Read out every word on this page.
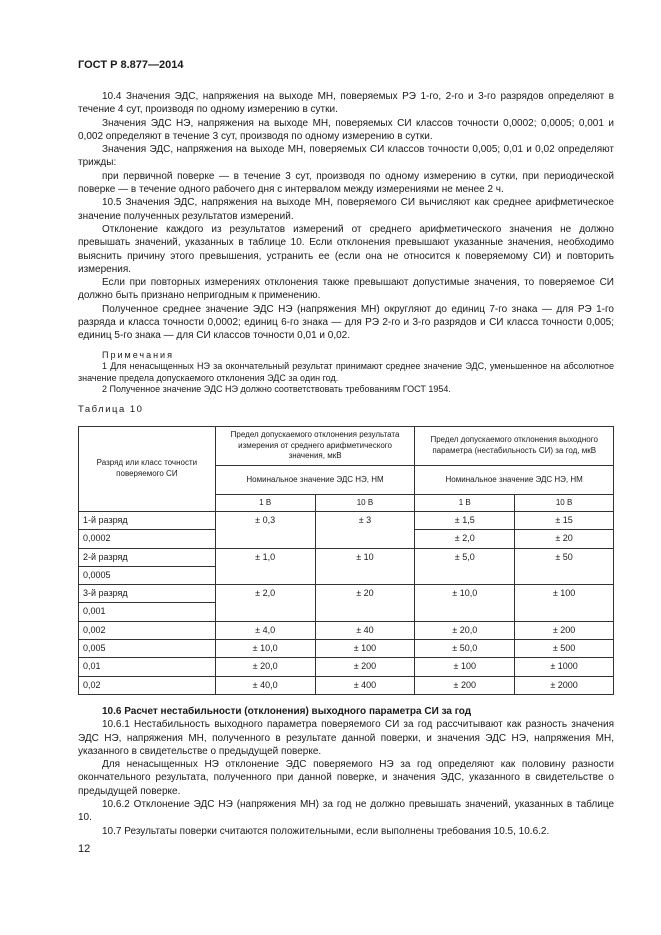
ГОСТ Р 8.877—2014

10.4 Значения ЭДС, напряжения на выходе МН, поверяемых РЭ 1-го, 2-го и 3-го разрядов определяют в течение 4 сут, производя по одному измерению в сутки.

Значения ЭДС НЭ, напряжения на выходе МН, поверяемых СИ классов точности 0,0002; 0,0005; 0,001 и 0,002 определяют в течение 3 сут, производя по одному измерению в сутки.

Значения ЭДС, напряжения на выходе МН, поверяемых СИ классов точности 0,005; 0,01 и 0,02 определяют трижды:

при первичной поверке — в течение 3 сут, производя по одному измерению в сутки, при периодической поверке — в течение одного рабочего дня с интервалом между измерениями не менее 2 ч.

10.5 Значения ЭДС, напряжения на выходе МН, поверяемого СИ вычисляют как среднее арифметическое значение полученных результатов измерений.

Отклонение каждого из результатов измерений от среднего арифметического значения не должно превышать значений, указанных в таблице 10. Если отклонения превышают указанные значения, необходимо выяснить причину этого превышения, устранить ее (если она не относится к поверяемому СИ) и повторить измерения.

Если при повторных измерениях отклонения также превышают допустимые значения, то поверяемое СИ должно быть признано непригодным к применению.

Полученное среднее значение ЭДС НЭ (напряжения МН) округляют до единиц 7-го знака — для РЭ 1-го разряда и класса точности 0,0002; единиц 6-го знака — для РЭ 2-го и 3-го разрядов и СИ класса точности 0,005; единиц 5-го знака — для СИ классов точности 0,01 и 0,02.

Примечания

1 Для ненасыщенных НЭ за окончательный результат принимают среднее значение ЭДС, уменьшенное на абсолютное значение предела допускаемого отклонения ЭДС за один год.

2 Полученное значение ЭДС НЭ должно соответствовать требованиям ГОСТ 1954.

Таблица 10

Разряд или класс точности поверяемого СИ	Предел допускаемого отклонения результата измерения от среднего арифметического значения, мкВ		Предел допускаемого отклонения выходного параметра (нестабильность СИ) за год, мкВ	
	Номинальное значение ЭДС НЭ, НМ		Номинальное значение ЭДС НЭ, НМ	
	1 В	10 В	1 В	10 В
1-й разряд	± 0,3	± 3	± 1,5	± 15
0,0002			± 2,0	± 20
2-й разряд	± 1,0	± 10	± 5,0	± 50
0,0005				
3-й разряд	± 2,0	± 20	± 10,0	± 100
0,001				
0,002	± 4,0	± 40	± 20,0	± 200
0,005	± 10,0	± 100	± 50,0	± 500
0,01	± 20,0	± 200	± 100	± 1000
0,02	± 40,0	± 400	± 200	± 2000

10.6 Расчет нестабильности (отклонения) выходного параметра СИ за год

10.6.1 Нестабильность выходного параметра поверяемого СИ за год рассчитывают как разность значения ЭДС НЭ, напряжения МН, полученного в результате данной поверки, и значения ЭДС НЭ, напряжения МН, указанного в свидетельстве о предыдущей поверке.

Для ненасыщенных НЭ отклонение ЭДС поверяемого НЭ за год определяют как половину разности окончательного результата, полученного при данной поверке, и значения ЭДС, указанного в свидетельстве о предыдущей поверке.

10.6.2 Отклонение ЭДС НЭ (напряжения МН) за год не должно превышать значений, указанных в таблице 10.

10.7 Результаты поверки считаются положительными, если выполнены требования 10.5, 10.6.2.

12
